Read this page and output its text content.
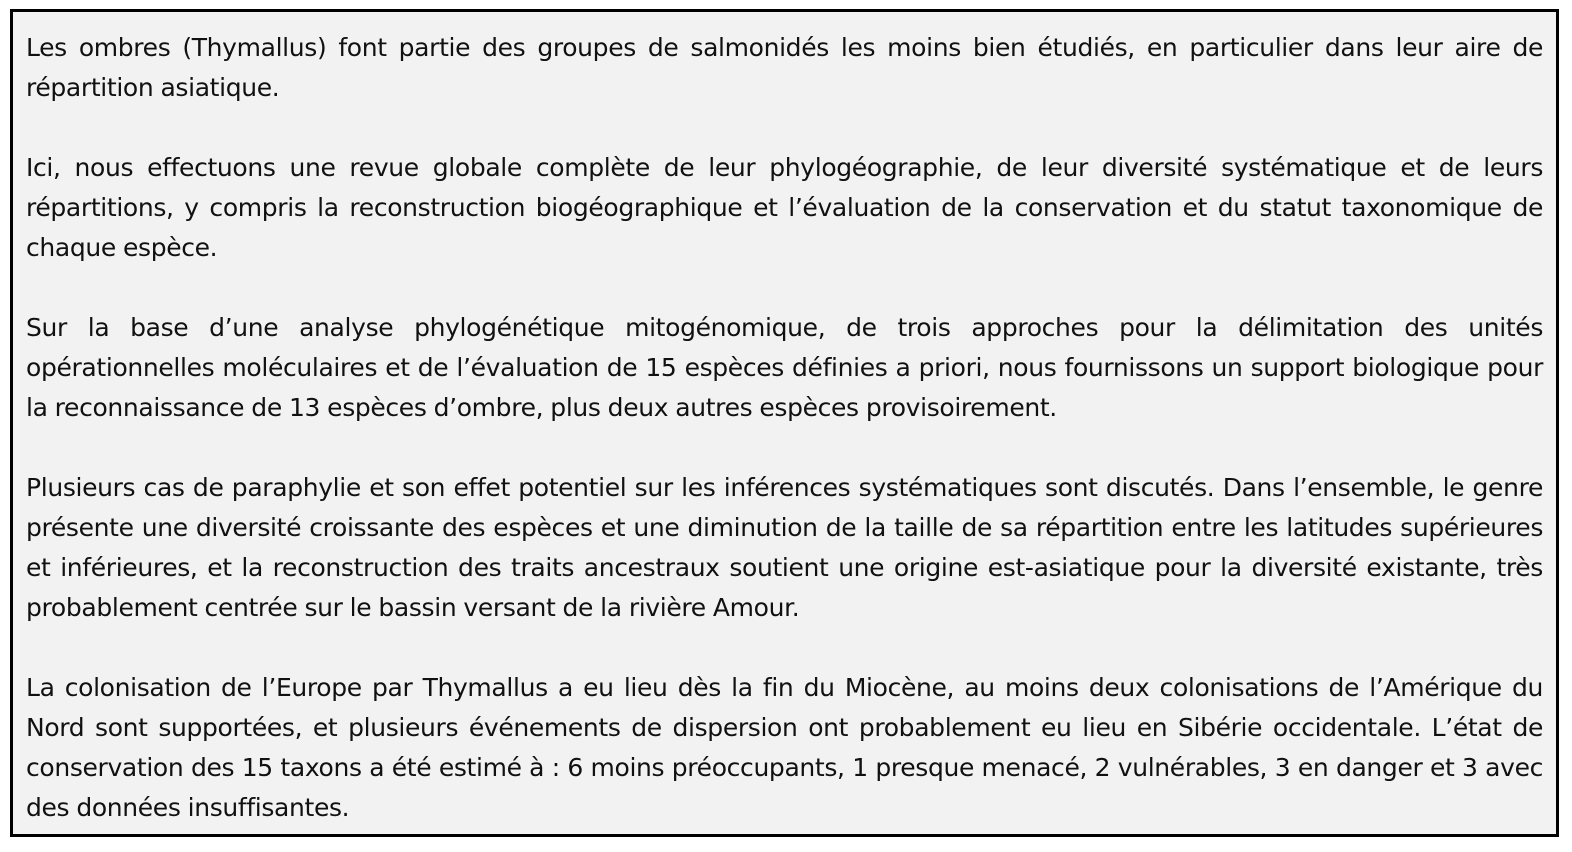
Les ombres (Thymallus) font partie des groupes de salmonidés les moins bien étudiés, en particulier dans leur aire de répartition asiatique.

Ici, nous effectuons une revue globale complète de leur phylogéographie, de leur diversité systématique et de leurs répartitions, y compris la reconstruction biogéographique et l’évaluation de la conservation et du statut taxonomique de chaque espèce.

Sur la base d’une analyse phylogénétique mitogénomique, de trois approches pour la délimitation des unités opérationnelles moléculaires et de l’évaluation de 15 espèces définies a priori, nous fournissons un support biologique pour la reconnaissance de 13 espèces d’ombre, plus deux autres espèces provisoirement.

Plusieurs cas de paraphylie et son effet potentiel sur les inférences systématiques sont discutés. Dans l’ensemble, le genre présente une diversité croissante des espèces et une diminution de la taille de sa répartition entre les latitudes supérieures et inférieures, et la reconstruction des traits ancestraux soutient une origine est-asiatique pour la diversité existante, très probablement centrée sur le bassin versant de la rivière Amour.

La colonisation de l’Europe par Thymallus a eu lieu dès la fin du Miocène, au moins deux colonisations de l’Amérique du Nord sont supportées, et plusieurs événements de dispersion ont probablement eu lieu en Sibérie occidentale. L’état de conservation des 15 taxons a été estimé à : 6 moins préoccupants, 1 presque menacé, 2 vulnérables, 3 en danger et 3 avec des données insuffisantes.
